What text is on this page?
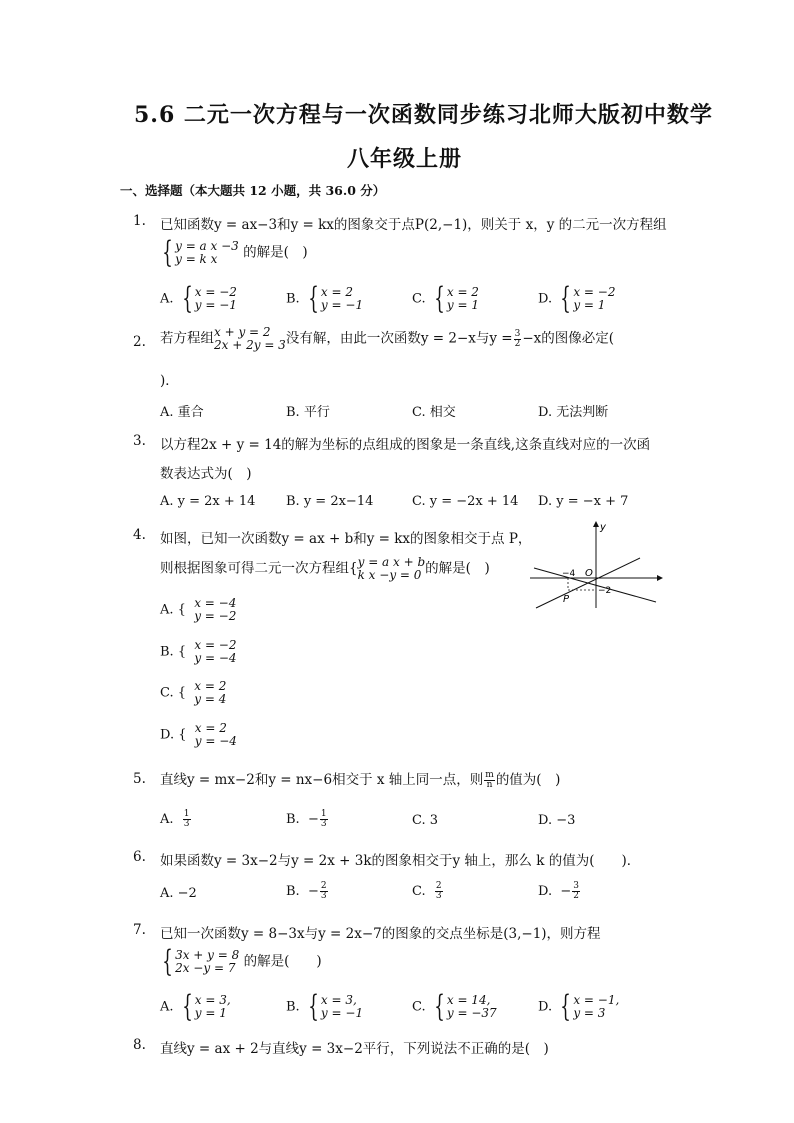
5.6 二元一次方程与一次函数同步练习北师大版初中数学
八年级上册
一、选择题（本大题共 12 小题，共 36.0 分）
1. 已知函数y = ax−3和y = kx的图象交于点P(2,−1)，则关于 x，y 的二元一次方程组
{ y = a x −3
y = k x	的解是(　)
A. { x = −2
y = −1	B. { x = 2
y = −1	C. { x = 2
y = 1	D. { x = −2
y = 1
2. 若方程组 x + y = 2
2x + 2y = 3 没有解，由此一次函数y = 2−x与$y = \frac{3}{2} -x$的图像必定(
)．
A. 重合	B. 平行	C. 相交	D. 无法判断
3. 以方程2x + y = 14的解为坐标的点组成的图象是一条直线,这条直线对应的一次函
数表达式为(　)
A. y = 2x + 14 B. y = 2x−14	C. y = −2x + 14 D. y = −x + 7
4. 如图，已知一次函数y = ax + b和y = kx的图象相交于点 P，
则根据图象可得二元一次方程组{ y = a x + b
k x −y = 0 的解是(　)
A. { x = −4
y = −2
B. { x = −2
y = −4
C. { x = 2
y = 4
D. { x = 2
y = −4
y
O
−4
−2
P
5. 直线y = mx−2和y = nx−6相交于 x 轴上同一点，则 $\frac{m}{n}$ 的值为(　)
A. $\frac{1}{3}$	B. − $\frac{1}{3}$	C. 3	D. −3
6. 如果函数y = 3x−2与y = 2x + 3k的图象相交于y 轴上，那么 k 的值为(　　)．
A. −2	B. − $\frac{2}{3}$	C. $\frac{2}{3}$	D. − $\frac{3}{2}$
7. 已知一次函数y = 8−3x与y = 2x−7的图象的交点坐标是(3,−1)，则方程
{ 3x + y = 8
2x −y = 7 的解是(　　)
A. { x = 3,
y = 1	B. { x = 3,
y = −1	C. { x = 14,
y = −37	D. { x = −1,
y = 3
8. 直线y = ax + 2与直线y = 3x−2平行，下列说法不正确的是(　)
